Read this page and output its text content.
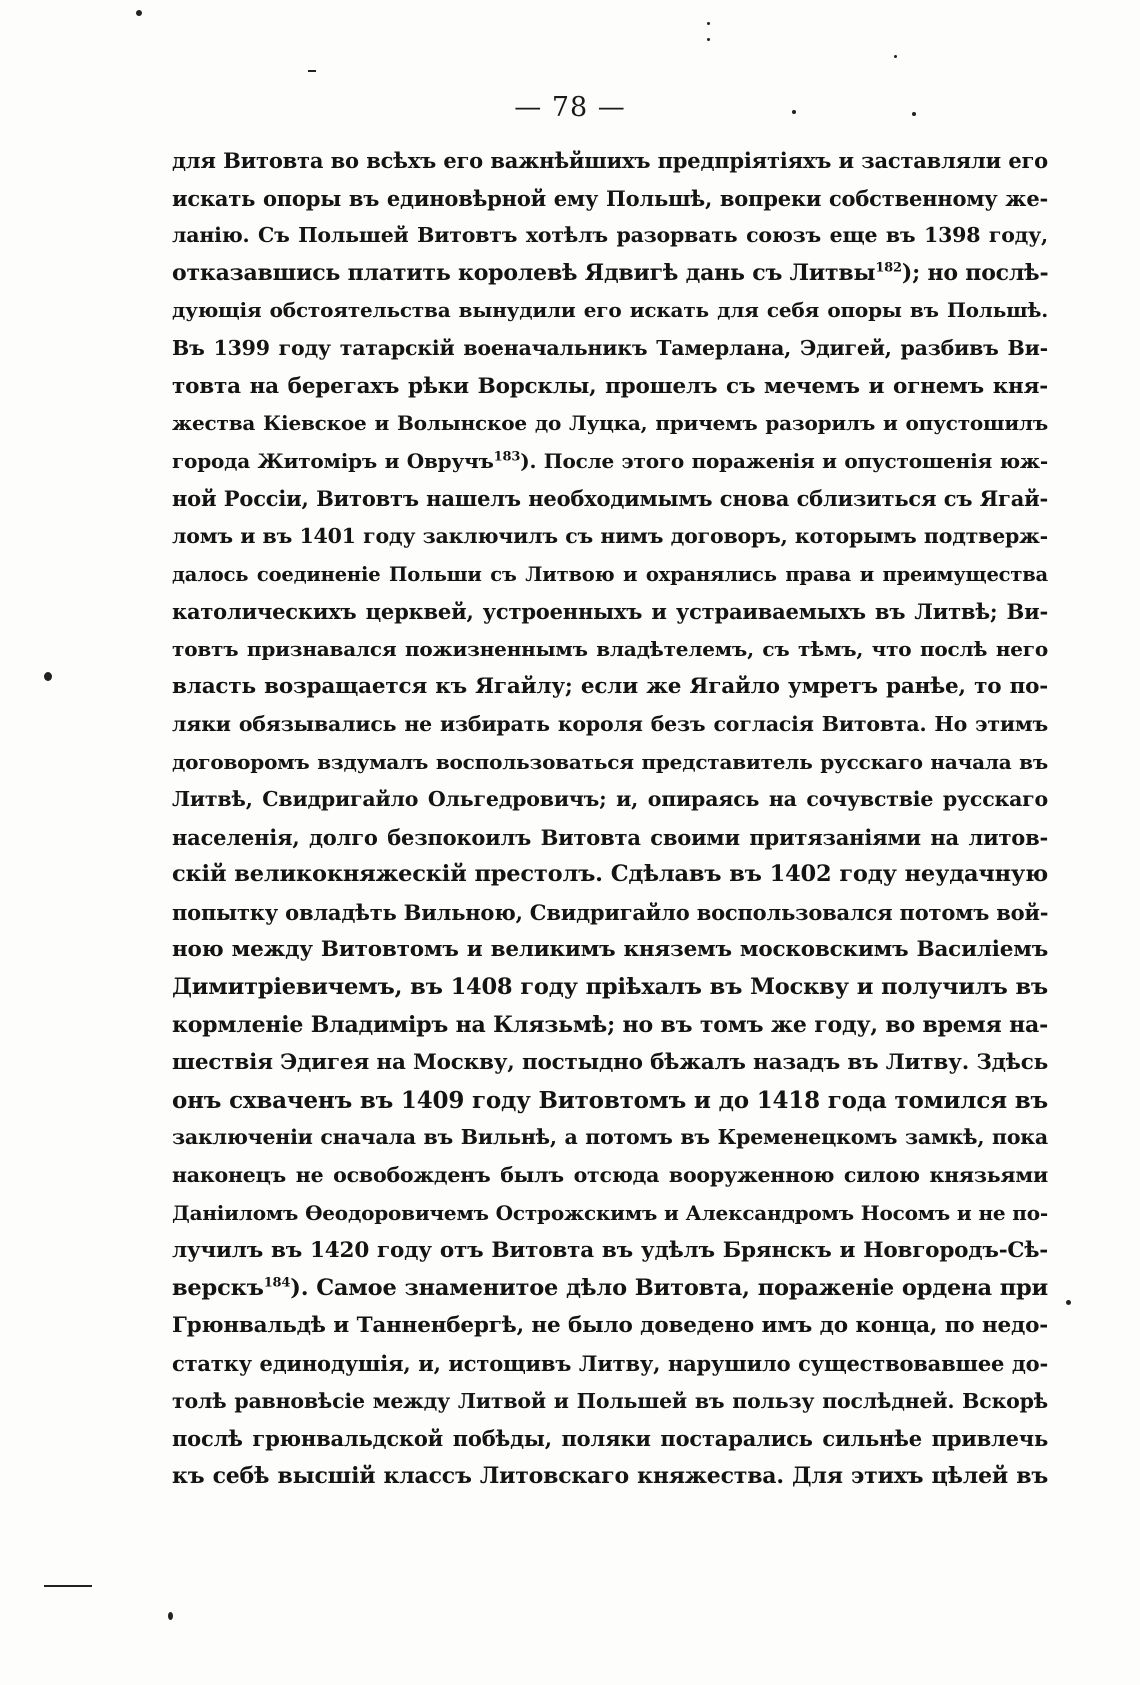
— 78 —
для Витовта во всѣхъ его важнѣйшихъ предпріятіяхъ и заставляли его
искать опоры въ единовѣрной ему Польшѣ, вопреки собственному же-
ланію. Съ Польшей Витовтъ хотѣлъ разорвать союзъ еще въ 1398 году,
отказавшись платить королевѣ Ядвигѣ дань съ Литвы$^{182}$); но послѣ-
дующія обстоятельства вынудили его искать для себя опоры въ Польшѣ.
Въ 1399 году татарскій военачальникъ Тамерлана, Эдигей, разбивъ Ви-
товта на берегахъ рѣки Ворсклы, прошелъ съ мечемъ и огнемъ кня-
жества Кіевское и Волынское до Луцка, причемъ разорилъ и опустошилъ
города Житоміръ и Овручъ$^{183}$). После этого пораженія и опустошенія юж-
ной Россіи, Витовтъ нашелъ необходимымъ снова сблизиться съ Ягай-
ломъ и въ 1401 году заключилъ съ нимъ договоръ, которымъ подтверж-
далось соединеніе Польши съ Литвою и охранялись права и преимущества
католическихъ церквей, устроенныхъ и устраиваемыхъ въ Литвѣ; Ви-
товтъ признавался пожизненнымъ владѣтелемъ, съ тѣмъ, что послѣ него
власть возращается къ Ягайлу; если же Ягайло умретъ ранѣе, то по-
ляки обязывались не избирать короля безъ согласія Витовта. Но этимъ
договоромъ вздумалъ воспользоваться представитель русскаго начала въ
Литвѣ, Свидригайло Ольгедровичъ; и, опираясь на сочувствіе русскаго
населенія, долго безпокоилъ Витовта своими притязаніями на литов-
скій великокняжескій престолъ. Сдѣлавъ въ 1402 году неудачную
попытку овладѣть Вильною, Свидригайло воспользовался потомъ вой-
ною между Витовтомъ и великимъ княземъ московскимъ Василіемъ
Димитріевичемъ, въ 1408 году пріѣхалъ въ Москву и получилъ въ
кормленіе Владиміръ на Клязьмѣ; но въ томъ же году, во время на-
шествія Эдигея на Москву, постыдно бѣжалъ назадъ въ Литву. Здѣсь
онъ схваченъ въ 1409 году Витовтомъ и до 1418 года томился въ
заключеніи сначала въ Вильнѣ, а потомъ въ Кременецкомъ замкѣ, пока
наконецъ не освобожденъ былъ отсюда вооруженною силою князьями
Даніиломъ Ѳеодоровичемъ Острожскимъ и Александромъ Носомъ и не по-
лучилъ въ 1420 году отъ Витовта въ удѣлъ Брянскъ и Новгородъ-Сѣ-
верскъ$^{184}$). Самое знаменитое дѣло Витовта, пораженіе ордена при
Грюнвальдѣ и Танненбергѣ, не было доведено имъ до конца, по недо-
статку единодушія, и, истощивъ Литву, нарушило существовавшее до-
толѣ равновѣсіе между Литвой и Польшей въ пользу послѣдней. Вскорѣ
послѣ грюнвальдской побѣды, поляки постарались сильнѣе привлечь
къ себѣ высшій классъ Литовскаго княжества. Для этихъ цѣлей въ
